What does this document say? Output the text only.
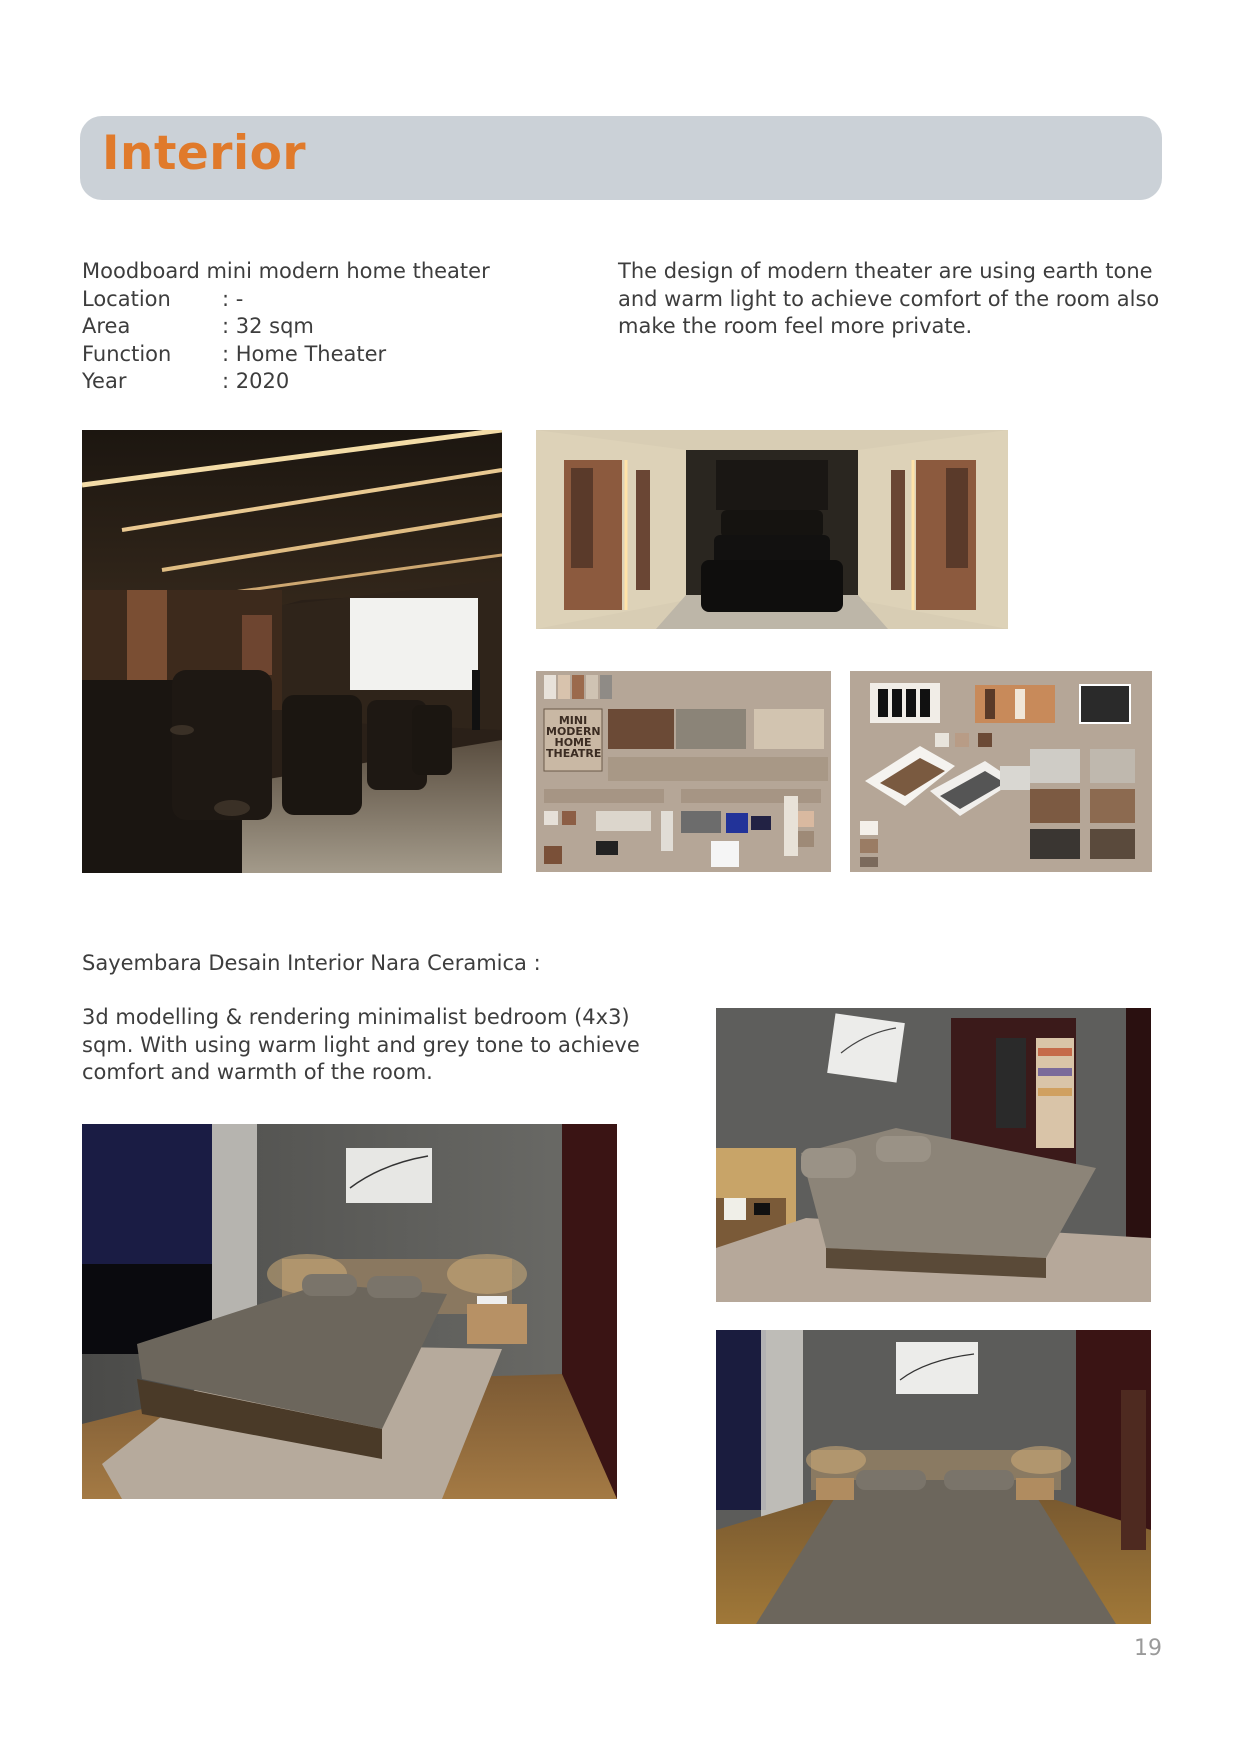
Interior
Moodboard mini modern home theater
Location	: -
Area	: 32 sqm
Function	: Home Theater
Year	: 2020
The design of modern theater are using earth tone
and warm light to achieve comfort of the room also
make the room feel more private.
MINI
MODERN
HOME
THEATRE
Sayembara Desain Interior Nara Ceramica :
3d modelling & rendering minimalist bedroom (4x3)
sqm. With using warm light and grey tone to achieve
comfort and warmth of the room.
19
